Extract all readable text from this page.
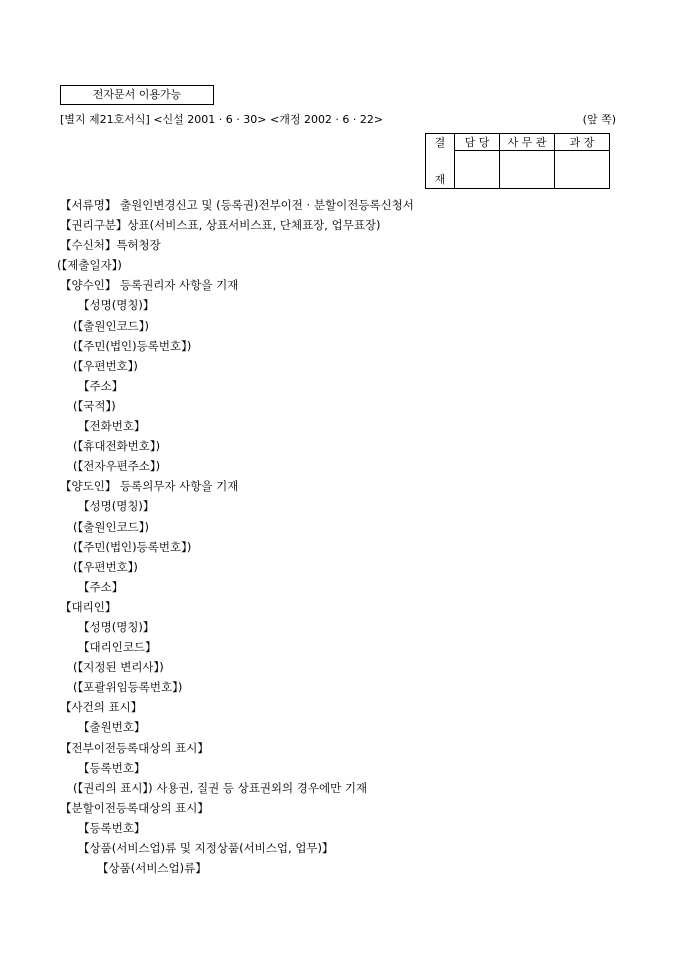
전자문서 이용가능
[별지 제21호서식] <신설 2001 · 6 · 30> <개정 2002 · 6 · 22>	(앞 쪽)
결
재	담 당	사 무 관	과 장

【서류명】 출원인변경신고 및 (등록권)전부이전 · 분할이전등록신청서
【권리구분】상표(서비스표, 상표서비스표, 단체표장, 업무표장)
【수신처】특허청장
(【제출일자】)
【양수인】 등록권리자 사항을 기재
【성명(명칭)】
(【출원인코드】)
(【주민(법인)등록번호】)
(【우편번호】)
【주소】
(【국적】)
【전화번호】
(【휴대전화번호】)
(【전자우편주소】)
【양도인】 등록의무자 사항을 기재
【성명(명칭)】
(【출원인코드】)
(【주민(법인)등록번호】)
(【우편번호】)
【주소】
【대리인】
【성명(명칭)】
【대리인코드】
(【지정된 변리사】)
(【포괄위임등록번호】)
【사건의 표시】
【출원번호】
【전부이전등록대상의 표시】
【등록번호】
(【권리의 표시】) 사용권, 질권 등 상표권외의 경우에만 기재
【분할이전등록대상의 표시】
【등록번호】
【상품(서비스업)류 및 지정상품(서비스업, 업무)】
【상품(서비스업)류】
